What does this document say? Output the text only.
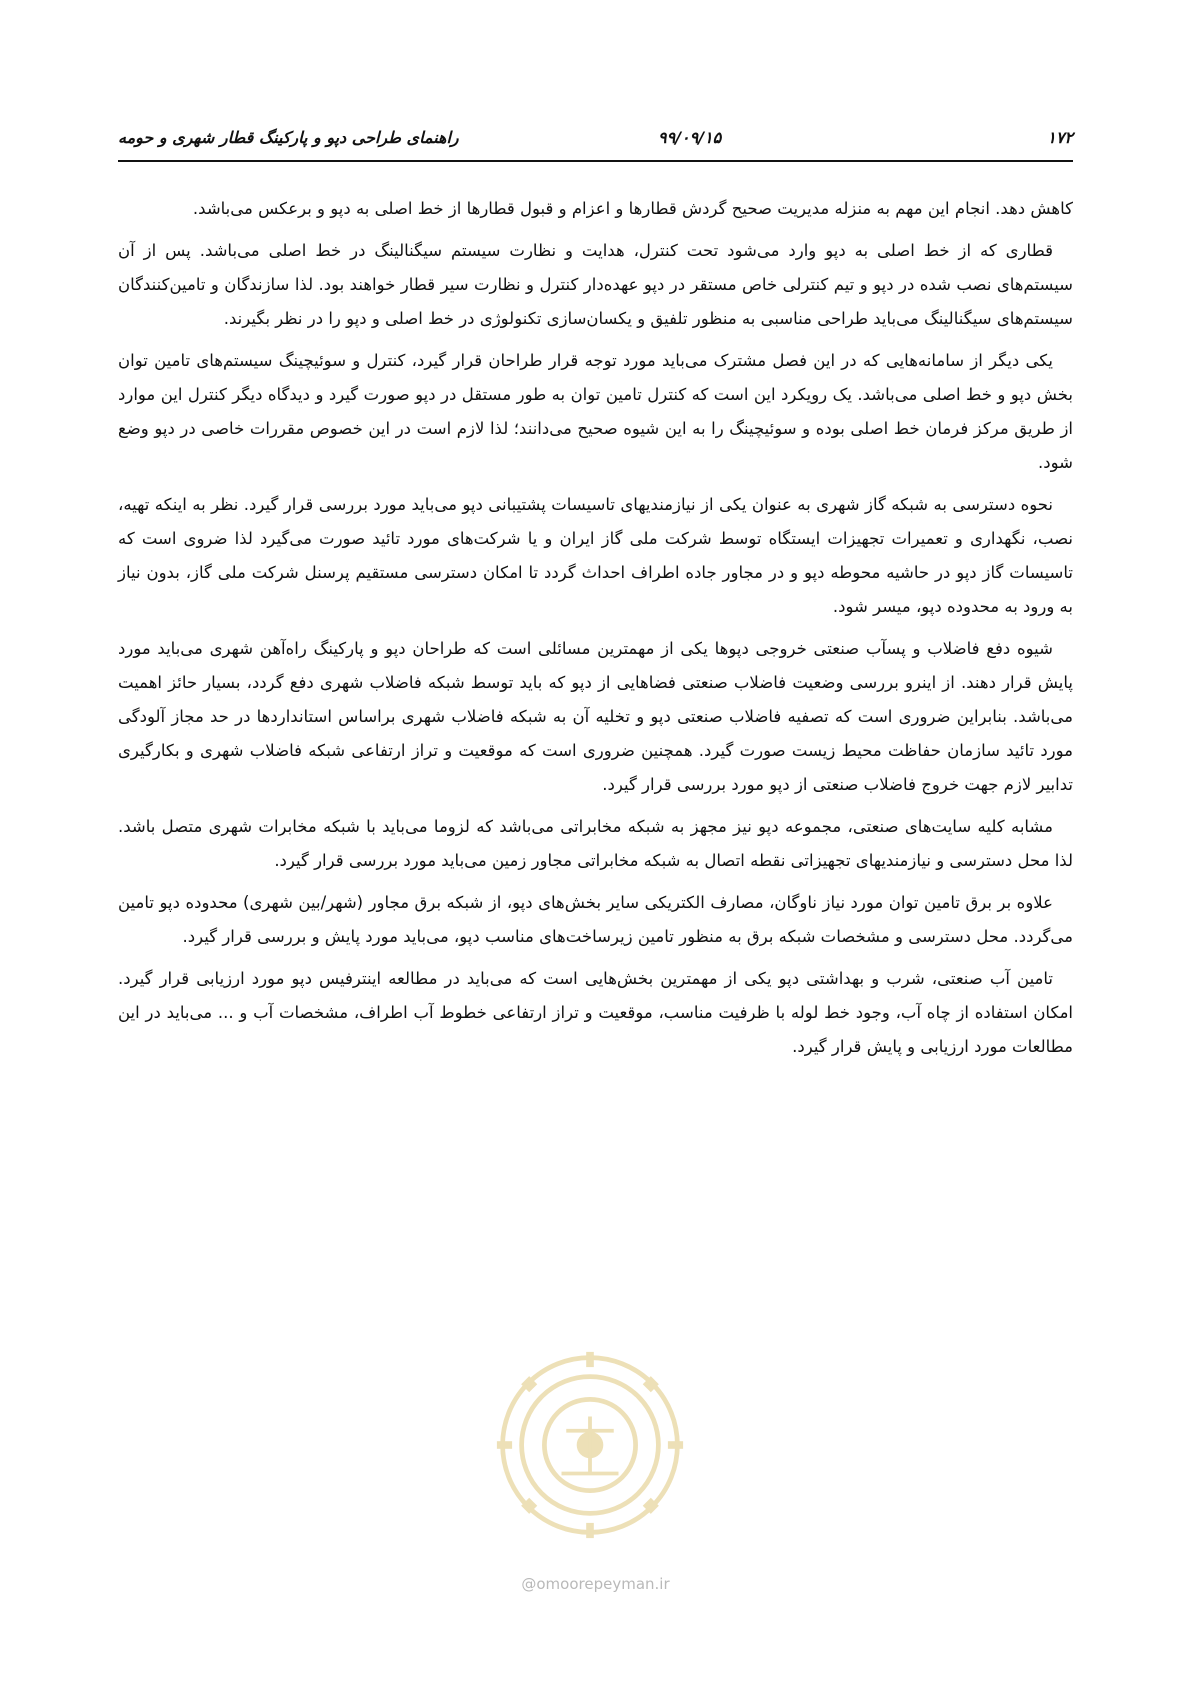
۱۷۲
۹۹/۰۹/۱۵
راهنمای طراحی دپو و پارکینگ قطار شهری و حومه

کاهش دهد. انجام این مهم به منزله مدیریت صحیح گردش قطارها و اعزام و قبول قطارها از خط اصلی به دپو و برعکس می‌باشد.

قطاری که از خط اصلی به دپو وارد می‌شود تحت کنترل، هدایت و نظارت سیستم سیگنالینگ در خط اصلی می‌باشد. پس از آن سیستم‌های نصب شده در دپو و تیم کنترلی خاص مستقر در دپو عهده‌دار کنترل و نظارت سیر قطار خواهند بود. لذا سازندگان و تامین‌کنندگان سیستم‌های سیگنالینگ می‌باید طراحی مناسبی به منظور تلفیق و یکسان‌سازی تکنولوژی در خط اصلی و دپو را در نظر بگیرند.

یکی دیگر از سامانه‌هایی که در این فصل مشترک می‌باید مورد توجه قرار طراحان قرار گیرد، کنترل و سوئیچینگ سیستم‌های تامین توان بخش دپو و خط اصلی می‌باشد. یک رویکرد این است که کنترل تامین توان به طور مستقل در دپو صورت گیرد و دیدگاه دیگر کنترل این موارد از طریق مرکز فرمان خط اصلی بوده و سوئیچینگ را به این شیوه صحیح می‌دانند؛ لذا لازم است در این خصوص مقررات خاصی در دپو وضع شود.

نحوه دسترسی به شبکه گاز شهری به عنوان یکی از نیازمندیهای تاسیسات پشتیبانی دپو می‌باید مورد بررسی قرار گیرد. نظر به اینکه تهیه، نصب، نگهداری و تعمیرات تجهیزات ایستگاه توسط شرکت ملی گاز ایران و یا شرکت‌های مورد تائید صورت می‌گیرد لذا ضروی است که تاسیسات گاز دپو در حاشیه محوطه دپو و در مجاور جاده اطراف احداث گردد تا امکان دسترسی مستقیم پرسنل شرکت ملی گاز، بدون نیاز به ورود به محدوده دپو، میسر شود.

شیوه دفع فاضلاب و پسآب صنعتی خروجی دپوها یکی از مهمترین مسائلی است که طراحان دپو و پارکینگ راه‌آهن شهری می‌باید مورد پایش قرار دهند. از اینرو بررسی وضعیت فاضلاب صنعتی فضاهایی از دپو که باید توسط شبکه فاضلاب شهری دفع گردد، بسیار حائز اهمیت می‌باشد. بنابراین ضروری است که تصفیه فاضلاب صنعتی دپو و تخلیه آن به شبکه فاضلاب شهری براساس استانداردها در حد مجاز آلودگی مورد تائید سازمان حفاظت محیط زیست صورت گیرد. همچنین ضروری است که موقعیت و تراز ارتفاعی شبکه فاضلاب شهری و بکارگیری تدابیر لازم جهت خروج فاضلاب صنعتی از دپو مورد بررسی قرار گیرد.

مشابه کلیه سایت‌های صنعتی، مجموعه دپو نیز مجهز به شبکه مخابراتی می‌باشد که لزوما می‌باید با شبکه مخابرات شهری متصل باشد. لذا محل دسترسی و نیازمندیهای تجهیزاتی نقطه اتصال به شبکه مخابراتی مجاور زمین می‌باید مورد بررسی قرار گیرد.

علاوه بر برق تامین توان مورد نیاز ناوگان، مصارف الکتریکی سایر بخش‌های دپو، از شبکه برق مجاور (شهر/بین شهری) محدوده دپو تامین می‌گردد. محل دسترسی و مشخصات شبکه برق به منظور تامین زیرساخت‌های مناسب دپو، می‌باید مورد پایش و بررسی قرار گیرد.

تامین آب صنعتی، شرب و بهداشتی دپو یکی از مهمترین بخش‌هایی است که می‌باید در مطالعه اینترفیس دپو مورد ارزیابی قرار گیرد. امکان استفاده از چاه آب، وجود خط لوله با ظرفیت مناسب، موقعیت و تراز ارتفاعی خطوط آب اطراف، مشخصات آب و ... می‌باید در این مطالعات مورد ارزیابی و پایش قرار گیرد.

@omoorepeyman.ir
